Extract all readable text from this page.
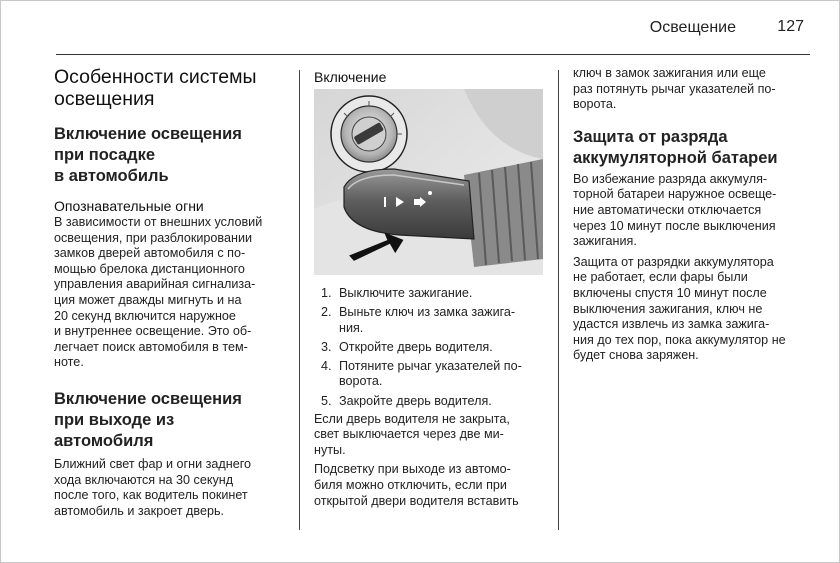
Освещение	127
Особенности системы
освещения
Включение освещения
при посадке
в автомобиль
Опознавательные огни

В зависимости от внешних условий
освещения, при разблокировании
замков дверей автомобиля с по-
мощью брелока дистанционного
управления аварийная сигнализа-
ция может дважды мигнуть и на
20 секунд включится наружное
и внутреннее освещение. Это об-
легчает поиск автомобиля в тем-
ноте.

Включение освещения
при выходе из
автомобиля

Ближний свет фар и огни заднего
хода включаются на 30 секунд
после того, как водитель покинет
автомобиль и закроет дверь.

Включение
1. Выключите зажигание.
2. Выньте ключ из замка зажига-
ния.
3. Откройте дверь водителя.
4. Потяните рычаг указателей по-
ворота.
5. Закройте дверь водителя.

Если дверь водителя не закрыта,
свет выключается через две ми-
нуты.

Подсветку при выходе из автомо-
биля можно отключить, если при
открытой двери водителя вставить

ключ в замок зажигания или еще
раз потянуть рычаг указателей по-
ворота.

Защита от разряда
аккумуляторной батареи

Во избежание разряда аккумуля-
торной батареи наружное освеще-
ние автоматически отключается
через 10 минут после выключения
зажигания.

Защита от разрядки аккумулятора
не работает, если фары были
включены спустя 10 минут после
выключения зажигания, ключ не
удастся извлечь из замка зажига-
ния до тех пор, пока аккумулятор не
будет снова заряжен.
